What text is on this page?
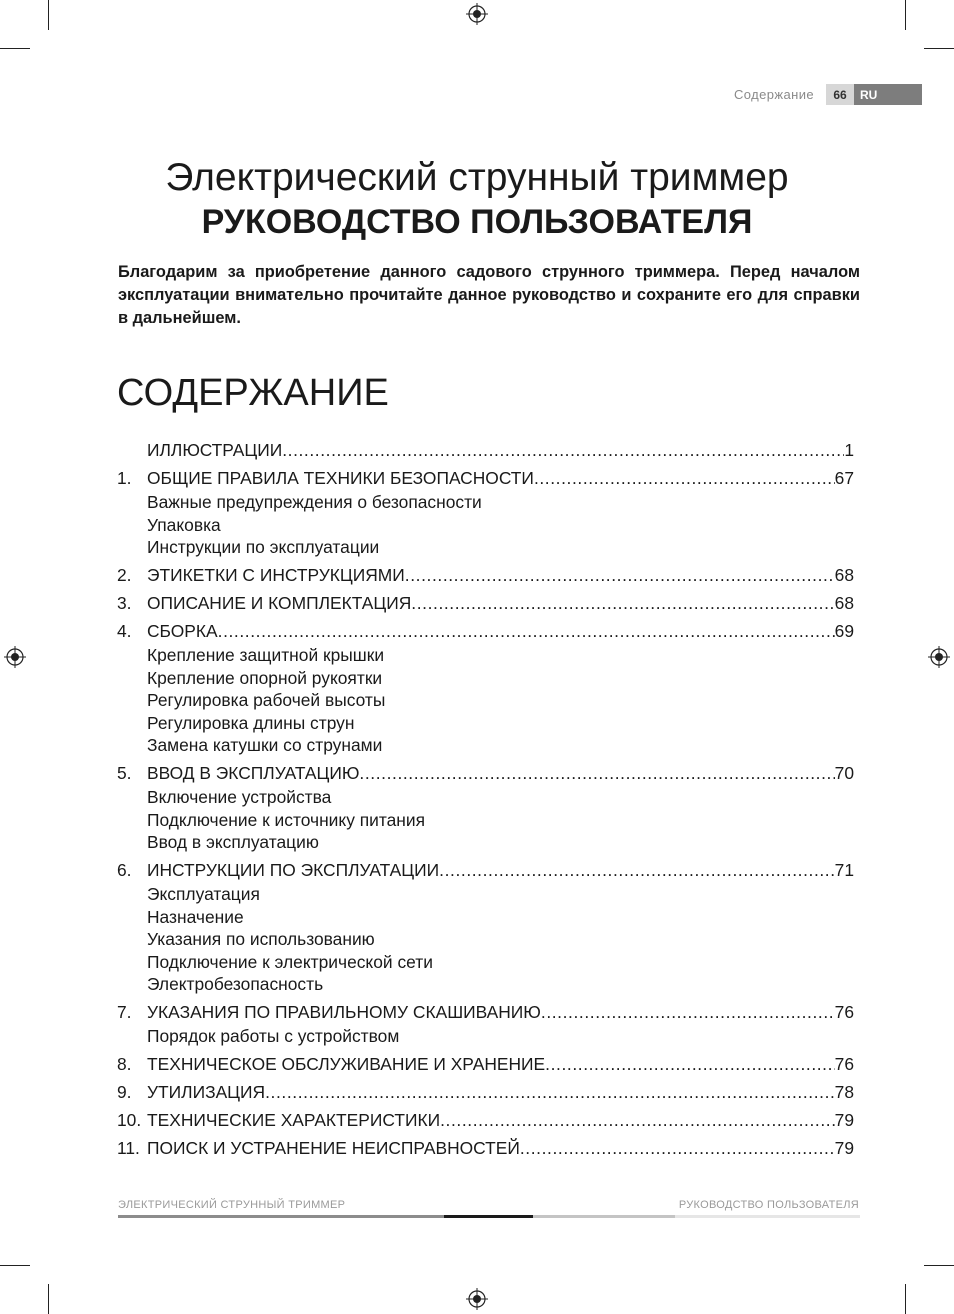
Содержание	66	RU
Электрический струнный триммер
РУКОВОДСТВО ПОЛЬЗОВАТЕЛЯ

Благодарим за приобретение данного садового струнного триммера. Перед началом эксплуатации внимательно прочитайте данное руководство и сохраните его для справки в дальнейшем.

СОДЕРЖАНИЕ
ИЛЛЮСТРАЦИИ .....	1
1. ОБЩИЕ ПРАВИЛА ТЕХНИКИ БЕЗОПАСНОСТИ .....	67
Важные предупреждения о безопасности
Упаковка
Инструкции по эксплуатации
2. ЭТИКЕТКИ С ИНСТРУКЦИЯМИ .....	68
3. ОПИСАНИЕ И КОМПЛЕКТАЦИЯ .....	68
4. СБОРКА .....	69
Крепление защитной крышки
Крепление опорной рукоятки
Регулировка рабочей высоты
Регулировка длины струн
Замена катушки со струнами
5. ВВОД В ЭКСПЛУАТАЦИЮ .....	70
Включение устройства
Подключение к источнику питания
Ввод в эксплуатацию
6. ИНСТРУКЦИИ ПО ЭКСПЛУАТАЦИИ .....	71
Эксплуатация
Назначение
Указания по использованию
Подключение к электрической сети
Электробезопасность
7. УКАЗАНИЯ ПО ПРАВИЛЬНОМУ СКАШИВАНИЮ .....	76
Порядок работы с устройством
8. ТЕХНИЧЕСКОЕ ОБСЛУЖИВАНИЕ И ХРАНЕНИЕ .....	76
9. УТИЛИЗАЦИЯ .....	78
10. ТЕХНИЧЕСКИЕ ХАРАКТЕРИСТИКИ .....	79
11. ПОИСК И УСТРАНЕНИЕ НЕИСПРАВНОСТЕЙ .....	79
ЭЛЕКТРИЧЕСКИЙ СТРУННЫЙ ТРИММЕР	РУКОВОДСТВО ПОЛЬЗОВАТЕЛЯ
